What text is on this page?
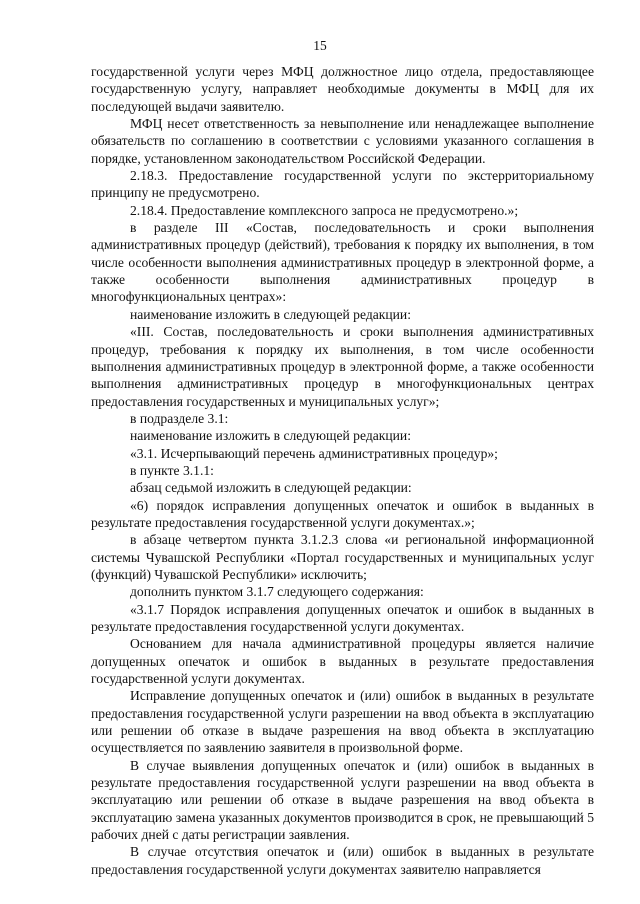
15

государственной услуги через МФЦ должностное лицо отдела, предоставляющее государственную услугу, направляет необходимые документы в МФЦ для их последующей выдачи заявителю.

МФЦ несет ответственность за невыполнение или ненадлежащее выполнение обязательств по соглашению в соответствии с условиями указанного соглашения в порядке, установленном законодательством Российской Федерации.

2.18.3. Предоставление государственной услуги по экстерриториальному принципу не предусмотрено.

2.18.4. Предоставление комплексного запроса не предусмотрено.»;

в разделе III «Состав, последовательность и сроки выполнения административных процедур (действий), требования к порядку их выполнения, в том числе особенности выполнения административных процедур в электронной форме, а также особенности выполнения административных процедур в многофункциональных центрах»:

наименование изложить в следующей редакции:

«III. Состав, последовательность и сроки выполнения административных процедур, требования к порядку их выполнения, в том числе особенности выполнения административных процедур в электронной форме, а также особенности выполнения административных процедур в многофункциональных центрах предоставления государственных и муниципальных услуг»;

в подразделе 3.1:

наименование изложить в следующей редакции:

«3.1. Исчерпывающий перечень административных процедур»;

в пункте 3.1.1:

абзац седьмой изложить в следующей редакции:

«6) порядок исправления допущенных опечаток и ошибок в выданных в результате предоставления государственной услуги документах.»;

в абзаце четвертом пункта 3.1.2.3 слова «и региональной информационной системы Чувашской Республики «Портал государственных и муниципальных услуг (функций) Чувашской Республики» исключить;

дополнить пунктом 3.1.7 следующего содержания:

«3.1.7 Порядок исправления допущенных опечаток и ошибок в выданных в результате предоставления государственной услуги документах.

Основанием для начала административной процедуры является наличие допущенных опечаток и ошибок в выданных в результате предоставления государственной услуги документах.

Исправление допущенных опечаток и (или) ошибок в выданных в результате предоставления государственной услуги разрешении на ввод объекта в эксплуатацию или решении об отказе в выдаче разрешения на ввод объекта в эксплуатацию осуществляется по заявлению заявителя в произвольной форме.

В случае выявления допущенных опечаток и (или) ошибок в выданных в результате предоставления государственной услуги разрешении на ввод объекта в эксплуатацию или решении об отказе в выдаче разрешения на ввод объекта в эксплуатацию замена указанных документов производится в срок, не превышающий 5 рабочих дней с даты регистрации заявления.

В случае отсутствия опечаток и (или) ошибок в выданных в результате предоставления государственной услуги документах заявителю направляется
